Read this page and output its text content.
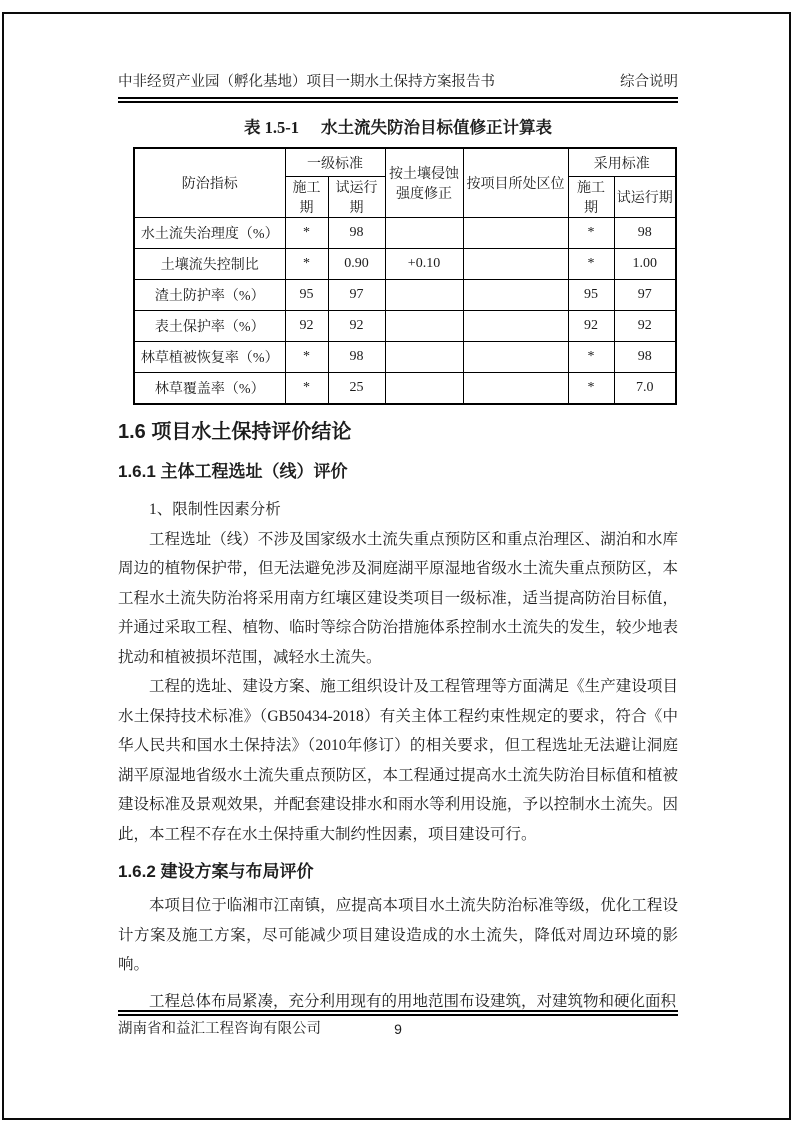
中非经贸产业园（孵化基地）项目一期水土保持方案报告书	综合说明
表 1.5-1 水土流失防治目标值修正计算表
防治指标	一级标准		按土壤侵蚀强度修正	按项目所处区位	采用标准	
	施工期	试运行期			施工期	试运行期
水土流失治理度（%）	*	98			*	98
土壤流失控制比	*	0.90	+0.10		*	1.00
渣土防护率（%）	95	97			95	97
表土保护率（%）	92	92			92	92
林草植被恢复率（%）	*	98			*	98
林草覆盖率（%）	*	25			*	7.0
1.6 项目水土保持评价结论
1.6.1 主体工程选址（线）评价

1、限制性因素分析

工程选址（线）不涉及国家级水土流失重点预防区和重点治理区、湖泊和水库周边的植物保护带，但无法避免涉及洞庭湖平原湿地省级水土流失重点预防区，本工程水土流失防治将采用南方红壤区建设类项目一级标准，适当提高防治目标值，并通过采取工程、植物、临时等综合防治措施体系控制水土流失的发生，较少地表扰动和植被损坏范围，减轻水土流失。

工程的选址、建设方案、施工组织设计及工程管理等方面满足《生产建设项目水土保持技术标准》（GB50434-2018）有关主体工程约束性规定的要求，符合《中华人民共和国水土保持法》（2010年修订）的相关要求，但工程选址无法避让洞庭湖平原湿地省级水土流失重点预防区，本工程通过提高水土流失防治目标值和植被建设标准及景观效果，并配套建设排水和雨水等利用设施，予以控制水土流失。因此，本工程不存在水土保持重大制约性因素，项目建设可行。

1.6.2 建设方案与布局评价

本项目位于临湘市江南镇，应提高本项目水土流失防治标准等级，优化工程设计方案及施工方案，尽可能减少项目建设造成的水土流失，降低对周边环境的影响。

工程总体布局紧凑，充分利用现有的用地范围布设建筑，对建筑物和硬化面积

湖南省和益汇工程咨询有限公司	9
